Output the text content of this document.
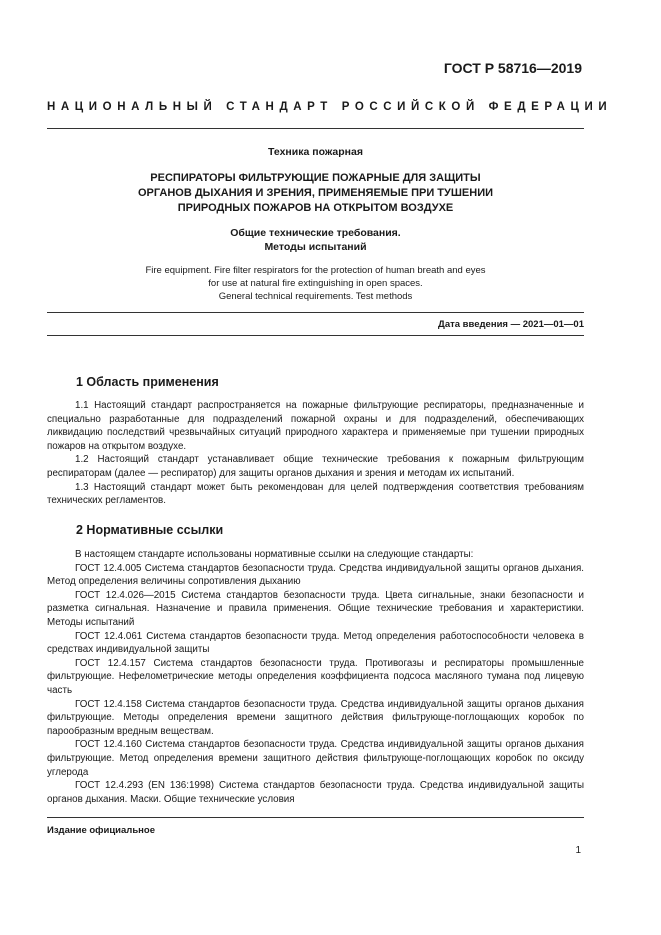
ГОСТ Р 58716—2019
НАЦИОНАЛЬНЫЙ СТАНДАРТ РОССИЙСКОЙ ФЕДЕРАЦИИ
Техника пожарная
РЕСПИРАТОРЫ ФИЛЬТРУЮЩИЕ ПОЖАРНЫЕ ДЛЯ ЗАЩИТЫ
ОРГАНОВ ДЫХАНИЯ И ЗРЕНИЯ, ПРИМЕНЯЕМЫЕ ПРИ ТУШЕНИИ
ПРИРОДНЫХ ПОЖАРОВ НА ОТКРЫТОМ ВОЗДУХЕ
Общие технические требования.
Методы испытаний
Fire equipment. Fire filter respirators for the protection of human breath and eyes
for use at natural fire extinguishing in open spaces.
General technical requirements. Test methods
Дата введения — 2021—01—01
1 Область применения

1.1 Настоящий стандарт распространяется на пожарные фильтрующие респираторы, предназначенные и специально разработанные для подразделений пожарной охраны и для подразделений, обеспечивающих ликвидацию последствий чрезвычайных ситуаций природного характера и применяемые при тушении природных пожаров на открытом воздухе.

1.2 Настоящий стандарт устанавливает общие технические требования к пожарным фильтрующим респираторам (далее — респиратор) для защиты органов дыхания и зрения и методам их испытаний.

1.3 Настоящий стандарт может быть рекомендован для целей подтверждения соответствия требованиям технических регламентов.

2 Нормативные ссылки

В настоящем стандарте использованы нормативные ссылки на следующие стандарты:

ГОСТ 12.4.005 Система стандартов безопасности труда. Средства индивидуальной защиты органов дыхания. Метод определения величины сопротивления дыханию

ГОСТ 12.4.026—2015 Система стандартов безопасности труда. Цвета сигнальные, знаки безопасности и разметка сигнальная. Назначение и правила применения. Общие технические требования и характеристики. Методы испытаний

ГОСТ 12.4.061 Система стандартов безопасности труда. Метод определения работоспособности человека в средствах индивидуальной защиты

ГОСТ 12.4.157 Система стандартов безопасности труда. Противогазы и респираторы промышленные фильтрующие. Нефелометрические методы определения коэффициента подсоса масляного тумана под лицевую часть

ГОСТ 12.4.158 Система стандартов безопасности труда. Средства индивидуальной защиты органов дыхания фильтрующие. Методы определения времени защитного действия фильтрующе-поглощающих коробок по парообразным вредным веществам.

ГОСТ 12.4.160 Система стандартов безопасности труда. Средства индивидуальной защиты органов дыхания фильтрующие. Метод определения времени защитного действия фильтрующе-поглощающих коробок по оксиду углерода

ГОСТ 12.4.293 (EN 136:1998) Система стандартов безопасности труда. Средства индивидуальной защиты органов дыхания. Маски. Общие технические условия

Издание официальное
1
